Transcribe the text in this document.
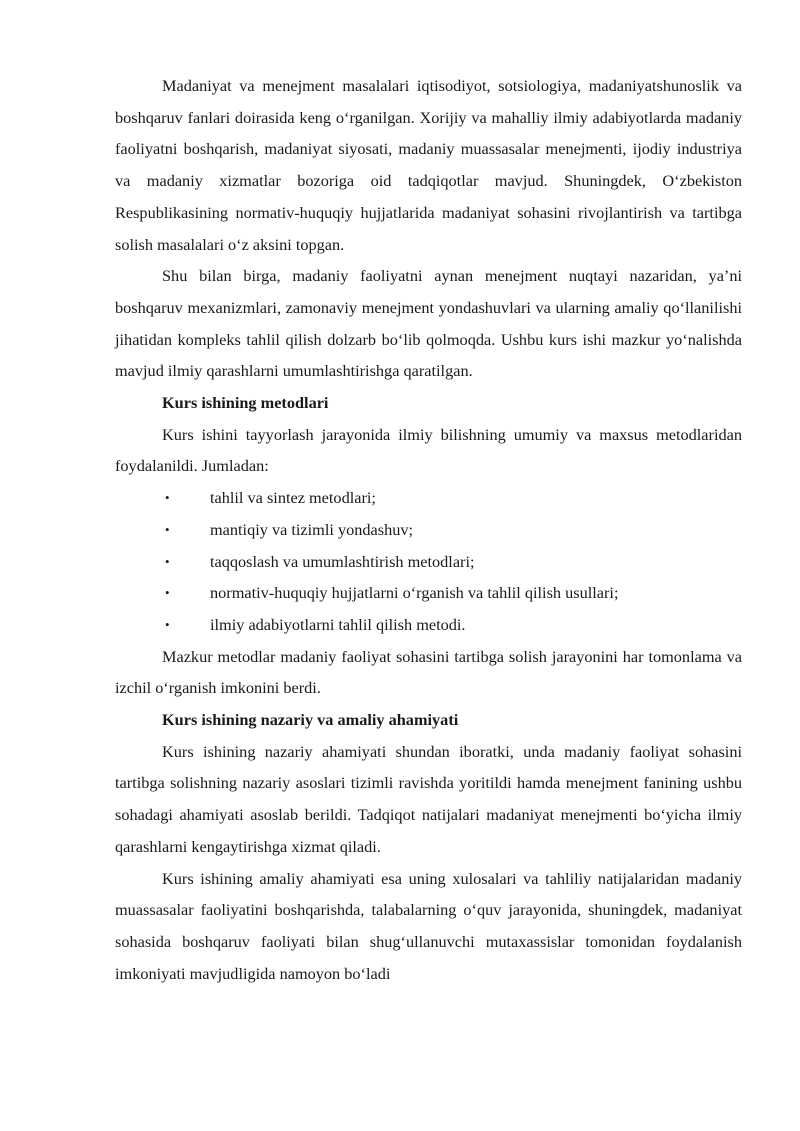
Madaniyat va menejment masalalari iqtisodiyot, sotsiologiya, madaniyatshunoslik va boshqaruv fanlari doirasida keng o‘rganilgan. Xorijiy va mahalliy ilmiy adabiyotlarda madaniy faoliyatni boshqarish, madaniyat siyosati, madaniy muassasalar menejmenti, ijodiy industriya va madaniy xizmatlar bozoriga oid tadqiqotlar mavjud. Shuningdek, O‘zbekiston Respublikasining normativ-huquqiy hujjatlarida madaniyat sohasini rivojlantirish va tartibga solish masalalari o‘z aksini topgan.

Shu bilan birga, madaniy faoliyatni aynan menejment nuqtayi nazaridan, ya’ni boshqaruv mexanizmlari, zamonaviy menejment yondashuvlari va ularning amaliy qo‘llanilishi jihatidan kompleks tahlil qilish dolzarb bo‘lib qolmoqda. Ushbu kurs ishi mazkur yo‘nalishda mavjud ilmiy qarashlarni umumlashtirishga qaratilgan.

Kurs ishining metodlari

Kurs ishini tayyorlash jarayonida ilmiy bilishning umumiy va maxsus metodlaridan foydalanildi. Jumladan:

• tahlil va sintez metodlari;
• mantiqiy va tizimli yondashuv;
• taqqoslash va umumlashtirish metodlari;
• normativ-huquqiy hujjatlarni o‘rganish va tahlil qilish usullari;
• ilmiy adabiyotlarni tahlil qilish metodi.

Mazkur metodlar madaniy faoliyat sohasini tartibga solish jarayonini har tomonlama va izchil o‘rganish imkonini berdi.

Kurs ishining nazariy va amaliy ahamiyati

Kurs ishining nazariy ahamiyati shundan iboratki, unda madaniy faoliyat sohasini tartibga solishning nazariy asoslari tizimli ravishda yoritildi hamda menejment fanining ushbu sohadagi ahamiyati asoslab berildi. Tadqiqot natijalari madaniyat menejmenti bo‘yicha ilmiy qarashlarni kengaytirishga xizmat qiladi.

Kurs ishining amaliy ahamiyati esa uning xulosalari va tahliliy natijalaridan madaniy muassasalar faoliyatini boshqarishda, talabalarning o‘quv jarayonida, shuningdek, madaniyat sohasida boshqaruv faoliyati bilan shug‘ullanuvchi mutaxassislar tomonidan foydalanish imkoniyati mavjudligida namoyon bo‘ladi
